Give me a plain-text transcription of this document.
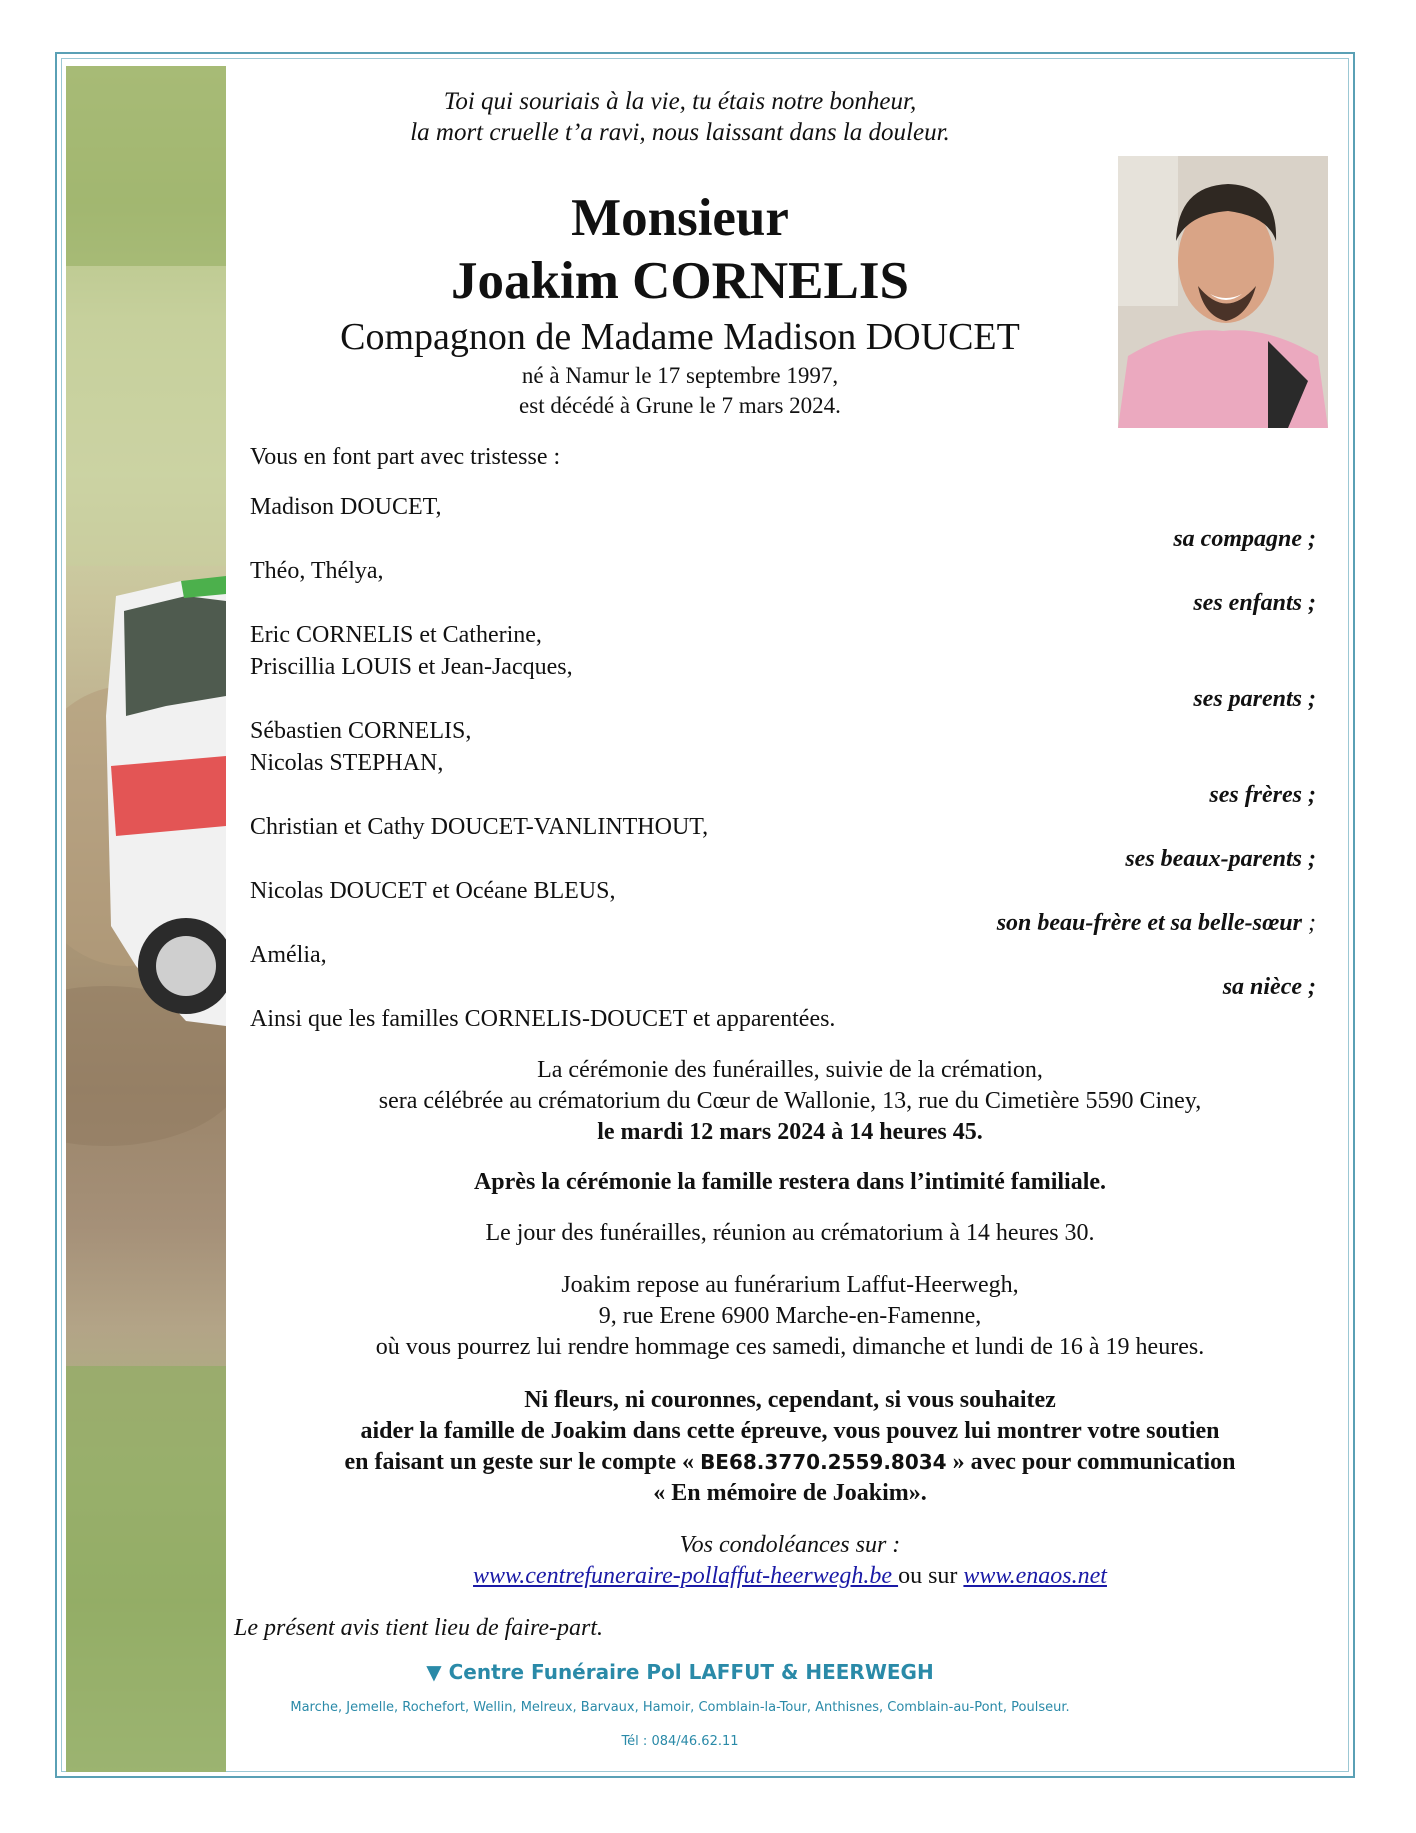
Toi qui souriais à la vie, tu étais notre bonheur,
la mort cruelle t’a ravi, nous laissant dans la douleur.
Monsieur
Joakim CORNELIS
Compagnon de Madame Madison DOUCET
né à Namur le 17 septembre 1997,
est décédé à Grune le 7 mars 2024.
Vous en font part avec tristesse :
Madison DOUCET,
sa compagne ;
Théo, Thélya,
ses enfants ;
Eric CORNELIS et Catherine,
Priscillia LOUIS et Jean-Jacques,
ses parents ;
Sébastien CORNELIS,
Nicolas STEPHAN,
ses frères ;
Christian et Cathy DOUCET-VANLINTHOUT,
ses beaux-parents ;
Nicolas DOUCET et Océane BLEUS,
son beau-frère et sa belle-sœur ;
Amélia,
sa nièce ;
Ainsi que les familles CORNELIS-DOUCET et apparentées.
La cérémonie des funérailles, suivie de la crémation,
sera célébrée au crématorium du Cœur de Wallonie, 13, rue du Cimetière 5590 Ciney,
le mardi 12 mars 2024 à 14 heures 45.
Après la cérémonie la famille restera dans l’intimité familiale.
Le jour des funérailles, réunion au crématorium à 14 heures 30.
Joakim repose au funérarium Laffut-Heerwegh,
9, rue Erene 6900 Marche-en-Famenne,
où vous pourrez lui rendre hommage ces samedi, dimanche et lundi de 16 à 19 heures.
Ni fleurs, ni couronnes, cependant, si vous souhaitez
aider la famille de Joakim dans cette épreuve, vous pouvez lui montrer votre soutien
en faisant un geste sur le compte « BE68.3770.2559.8034 » avec pour communication
« En mémoire de Joakim».
Vos condoléances sur :
www.centrefuneraire-pollaffut-heerwegh.be ou sur www.enaos.net
Le présent avis tient lieu de faire-part.
▼ Centre Funéraire Pol LAFFUT & HEERWEGH
Marche, Jemelle, Rochefort, Wellin, Melreux, Barvaux, Hamoir, Comblain-la-Tour, Anthisnes, Comblain-au-Pont, Poulseur.
Tél : 084/46.62.11
